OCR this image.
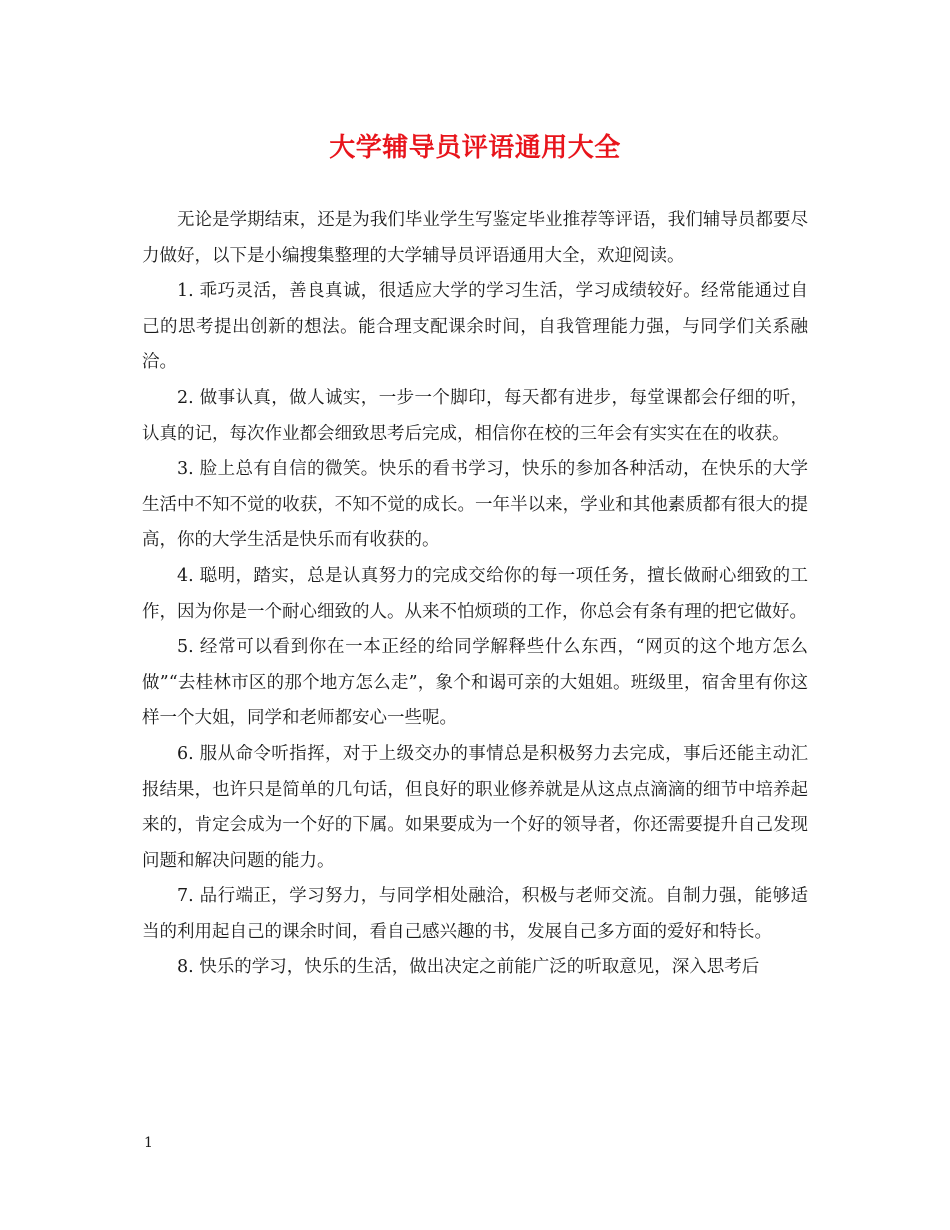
大学辅导员评语通用大全

无论是学期结束，还是为我们毕业学生写鉴定毕业推荐等评语，我们辅导员都要尽力做好，以下是小编搜集整理的大学辅导员评语通用大全，欢迎阅读。

1. 乖巧灵活，善良真诚，很适应大学的学习生活，学习成绩较好。经常能通过自己的思考提出创新的想法。能合理支配课余时间，自我管理能力强，与同学们关系融洽。

2. 做事认真，做人诚实，一步一个脚印，每天都有进步，每堂课都会仔细的听，认真的记，每次作业都会细致思考后完成，相信你在校的三年会有实实在在的收获。

3. 脸上总有自信的微笑。快乐的看书学习，快乐的参加各种活动，在快乐的大学生活中不知不觉的收获，不知不觉的成长。一年半以来，学业和其他素质都有很大的提高，你的大学生活是快乐而有收获的。

4. 聪明，踏实，总是认真努力的完成交给你的每一项任务，擅长做耐心细致的工作，因为你是一个耐心细致的人。从来不怕烦琐的工作，你总会有条有理的把它做好。

5. 经常可以看到你在一本正经的给同学解释些什么东西，“网页的这个地方怎么做”“去桂林市区的那个地方怎么走”，象个和谒可亲的大姐姐。班级里，宿舍里有你这样一个大姐，同学和老师都安心一些呢。

6. 服从命令听指挥，对于上级交办的事情总是积极努力去完成，事后还能主动汇报结果，也许只是简单的几句话，但良好的职业修养就是从这点点滴滴的细节中培养起来的，肯定会成为一个好的下属。如果要成为一个好的领导者，你还需要提升自己发现问题和解决问题的能力。

7. 品行端正，学习努力，与同学相处融洽，积极与老师交流。自制力强，能够适当的利用起自己的课余时间，看自己感兴趣的书，发展自己多方面的爱好和特长。

8. 快乐的学习，快乐的生活，做出决定之前能广泛的听取意见，深入思考后

1
